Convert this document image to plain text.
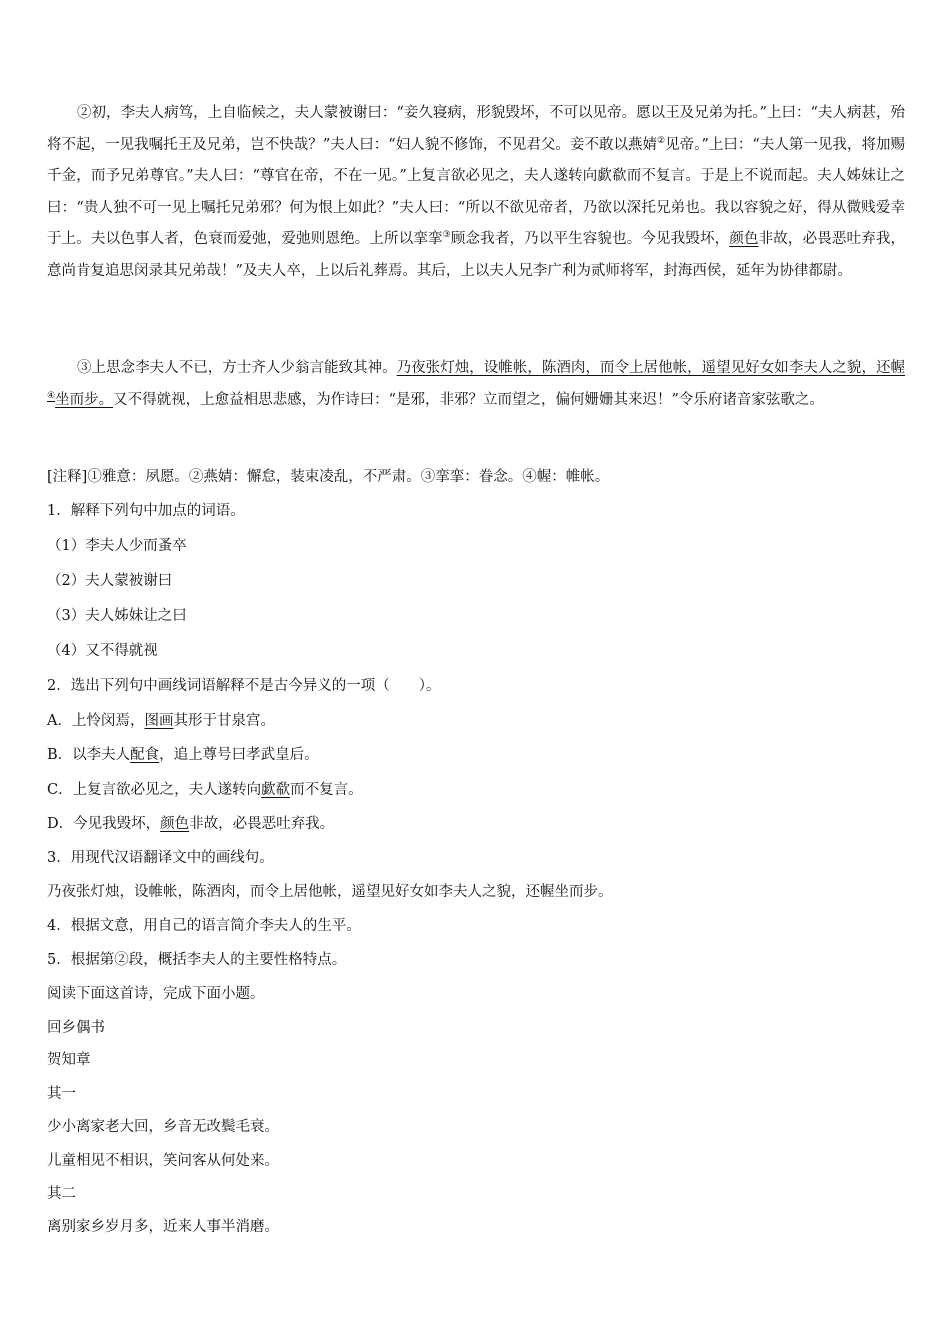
②初，李夫人病笃，上自临候之，夫人蒙被谢曰：“妾久寝病，形貌毁坏，不可以见帝。愿以王及兄弟为托。”上曰：“夫人病甚，殆将不起，一见我嘱托王及兄弟，岂不快哉？”夫人曰：“妇人貌不修饰，不见君父。妾不敢以燕婧②见帝。”上曰：“夫人第一见我，将加赐千金，而予兄弟尊官。”夫人曰：“尊官在帝，不在一见。”上复言欲必见之，夫人遂转向歔欷而不复言。于是上不说而起。夫人姊妹让之曰：“贵人独不可一见上嘱托兄弟邪？何为恨上如此？”夫人曰：“所以不欲见帝者，乃欲以深托兄弟也。我以容貌之好，得从微贱爱幸于上。夫以色事人者，色衰而爱弛，爱弛则恩绝。上所以挛挛③顾念我者，乃以平生容貌也。今见我毁坏，颜色非故，必畏恶吐弃我，意尚肯复追思闵录其兄弟哉！”及夫人卒，上以后礼葬焉。其后，上以夫人兄李广利为贰师将军，封海西侯，延年为协律都尉。

③上思念李夫人不已，方士齐人少翁言能致其神。乃夜张灯烛，设帷帐，陈酒肉，而令上居他帐，遥望见好女如李夫人之貌，还幄④坐而步。又不得就视，上愈益相思悲感，为作诗曰：“是邪，非邪？立而望之，偏何姗姗其来迟！”令乐府诸音家弦歌之。

[注释]①雅意：夙愿。②燕婧：懈怠，装束凌乱，不严肃。③挛挛：眷念。④幄：帷帐。
1．解释下列句中加点的词语。
（1）李夫人少而蚤卒
（2）夫人蒙被谢曰
（3）夫人姊妹让之曰
（4）又不得就视
2．选出下列句中画线词语解释不是古今异义的一项（　　）。
A．上怜闵焉，图画其形于甘泉宫。
B．以李夫人配食，追上尊号曰孝武皇后。
C．上复言欲必见之，夫人遂转向歔欷而不复言。
D．今见我毁坏，颜色非故，必畏恶吐弃我。
3．用现代汉语翻译文中的画线句。
乃夜张灯烛，设帷帐，陈酒肉，而令上居他帐，遥望见好女如李夫人之貌，还幄坐而步。
4．根据文意，用自己的语言简介李夫人的生平。
5．根据第②段，概括李夫人的主要性格特点。
阅读下面这首诗，完成下面小题。
回乡偶书
贺知章
其一
少小离家老大回，乡音无改鬓毛衰。
儿童相见不相识，笑问客从何处来。
其二
离别家乡岁月多，近来人事半消磨。
